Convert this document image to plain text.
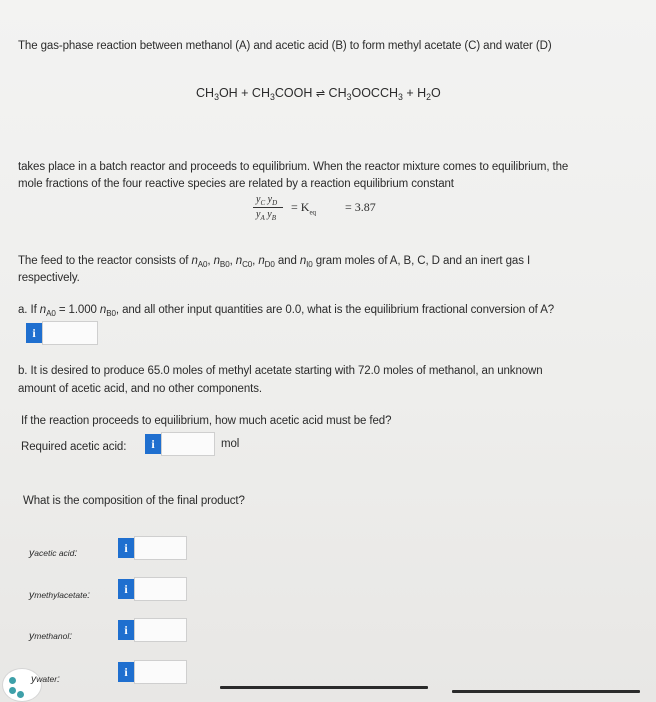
The gas-phase reaction between methanol (A) and acetic acid (B) to form methyl acetate (C) and water (D)
$CH_3OH$ + $CH_3COOH$ ⇌ $CH_3OOCCH_3 + H_2O$
takes place in a batch reactor and proceeds to equilibrium. When the reactor mixture comes to equilibrium, the
mole fractions of the four reactive species are related by a reaction equilibrium constant
$y_C$ $y_D$
$y_A$ $y_B$
= $K_{eq} = 3.87$
The feed to the reactor consists of $n_{A0}$, $n_{B0}$, $n_{C0}$, $n_{D0}$ and $n_{I0}$ gram moles of A, B, C, D and an inert gas I
respectively.
a. If $n_{A0} = 1.000$ $n_{B0}$, and all other input quantities are 0.0, what is the equilibrium fractional conversion of A?
i
b. It is desired to produce 65.0 moles of methyl acetate starting with 72.0 moles of methanol, an unknown
amount of acetic acid, and no other components.
If the reaction proceeds to equilibrium, how much acetic acid must be fed?
Required acetic acid:	i	mol
What is the composition of the final product?
yacetic acid:	i
ymethylacetate:	i
ymethanol:	i
ywater:	i
